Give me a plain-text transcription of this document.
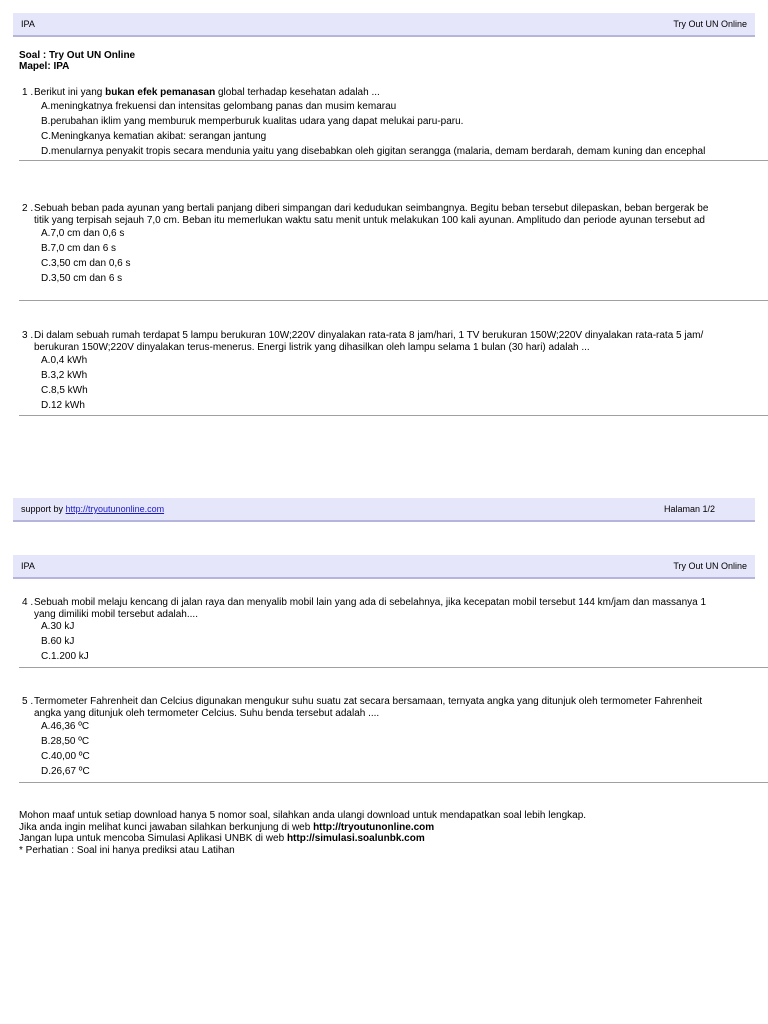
IPA	Try Out UN Online
Soal : Try Out UN Online
Mapel: IPA
1 . Berikut ini yang bukan efek pemanasan global terhadap kesehatan adalah ...
A.meningkatnya frekuensi dan intensitas gelombang panas dan musim kemarau
B.perubahan iklim yang memburuk memperburuk kualitas udara yang dapat melukai paru-paru.
C.Meningkanya kematian akibat: serangan jantung
D.menularnya penyakit tropis secara mendunia yaitu yang disebabkan oleh gigitan serangga (malaria, demam berdarah, demam kuning dan encephal
2 . Sebuah beban pada ayunan yang bertali panjang diberi simpangan dari kedudukan seimbangnya. Begitu beban tersebut dilepaskan, beban bergerak be
titik yang terpisah sejauh 7,0 cm. Beban itu memerlukan waktu satu menit untuk melakukan 100 kali ayunan. Amplitudo dan periode ayunan tersebut ad
A.7,0 cm dan 0,6 s
B.7,0 cm dan 6 s
C.3,50 cm dan 0,6 s
D.3,50 cm dan 6 s
3 . Di dalam sebuah rumah terdapat 5 lampu berukuran 10W;220V dinyalakan rata-rata 8 jam/hari, 1 TV berukuran 150W;220V dinyalakan rata-rata 5 jam/
berukuran 150W;220V dinyalakan terus-menerus. Energi listrik yang dihasilkan oleh lampu selama 1 bulan (30 hari) adalah ...
A.0,4 kWh
B.3,2 kWh
C.8,5 kWh
D.12 kWh
support by http://tryoutunonline.com	Halaman 1/2
IPA	Try Out UN Online
4 . Sebuah mobil melaju kencang di jalan raya dan menyalib mobil lain yang ada di sebelahnya, jika kecepatan mobil tersebut 144 km/jam dan massanya 1
yang dimiliki mobil tersebut adalah....
A.30 kJ
B.60 kJ
C.1.200 kJ
5 . Termometer Fahrenheit dan Celcius digunakan mengukur suhu suatu zat secara bersamaan, ternyata angka yang ditunjuk oleh termometer Fahrenheit
angka yang ditunjuk oleh termometer Celcius. Suhu benda tersebut adalah ....
A.46,36 ºC
B.28,50 ºC
C.40,00 ºC
D.26,67 ºC
Mohon maaf untuk setiap download hanya 5 nomor soal, silahkan anda ulangi download untuk mendapatkan soal lebih lengkap.
Jika anda ingin melihat kunci jawaban silahkan berkunjung di web http://tryoutunonline.com
Jangan lupa untuk mencoba Simulasi Aplikasi UNBK di web http://simulasi.soalunbk.com
* Perhatian : Soal ini hanya prediksi atau Latihan
